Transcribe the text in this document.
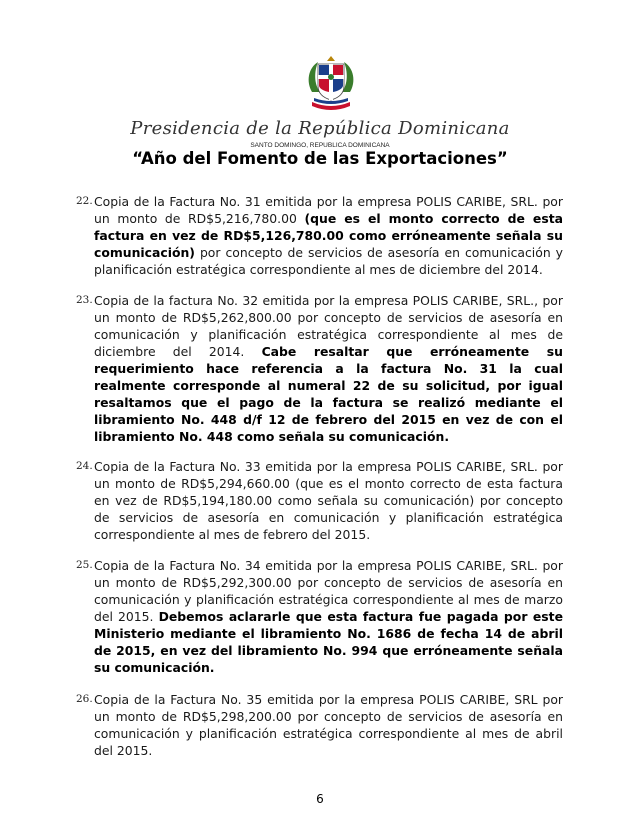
Presidencia de la República Dominicana
SANTO DOMINGO, REPUBLICA DOMINICANA
“Año del Fomento de las Exportaciones”
22. Copia de la Factura No. 31 emitida por la empresa POLIS CARIBE, SRL. por un monto de RD$5,216,780.00 (que es el monto correcto de esta factura en vez de RD$5,126,780.00 como erróneamente señala su comunicación) por concepto de servicios de asesoría en comunicación y planificación estratégica correspondiente al mes de diciembre del 2014.

23. Copia de la factura No. 32 emitida por la empresa POLIS CARIBE, SRL., por un monto de RD$5,262,800.00 por concepto de servicios de asesoría en comunicación y planificación estratégica correspondiente al mes de diciembre del 2014. Cabe resaltar que erróneamente su requerimiento hace referencia a la factura No. 31 la cual realmente corresponde al numeral 22 de su solicitud, por igual resaltamos que el pago de la factura se realizó mediante el libramiento No. 448 d/f 12 de febrero del 2015 en vez de con el libramiento No. 448 como señala su comunicación.

24. Copia de la Factura No. 33 emitida por la empresa POLIS CARIBE, SRL. por un monto de RD$5,294,660.00 (que es el monto correcto de esta factura en vez de RD$5,194,180.00 como señala su comunicación) por concepto de servicios de asesoría en comunicación y planificación estratégica correspondiente al mes de febrero del 2015.

25. Copia de la Factura No. 34 emitida por la empresa POLIS CARIBE, SRL. por un monto de RD$5,292,300.00 por concepto de servicios de asesoría en comunicación y planificación estratégica correspondiente al mes de marzo del 2015. Debemos aclararle que esta factura fue pagada por este Ministerio mediante el libramiento No. 1686 de fecha 14 de abril de 2015, en vez del libramiento No. 994 que erróneamente señala su comunicación.

26. Copia de la Factura No. 35 emitida por la empresa POLIS CARIBE, SRL por un monto de RD$5,298,200.00 por concepto de servicios de asesoría en comunicación y planificación estratégica correspondiente al mes de abril del 2015.

6
